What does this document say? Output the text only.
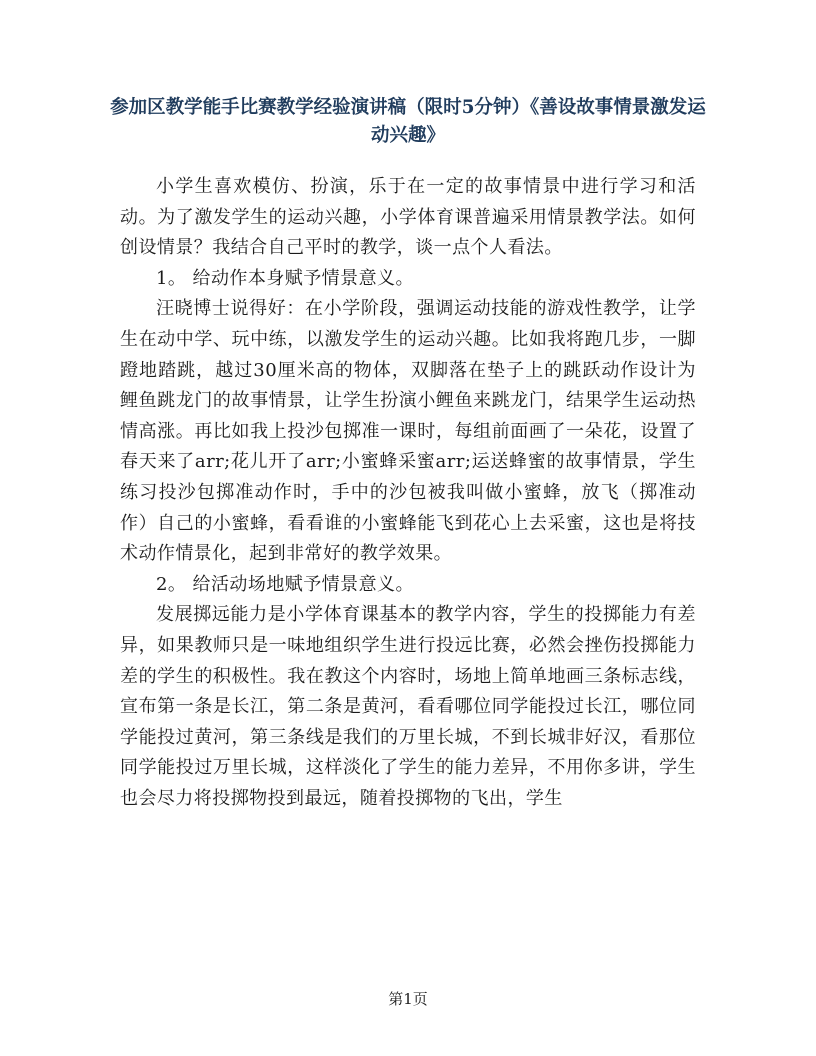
参加区教学能手比赛教学经验演讲稿（限时5分钟）《善设故事情景激发运动兴趣》

小学生喜欢模仿、扮演，乐于在一定的故事情景中进行学习和活动。为了激发学生的运动兴趣，小学体育课普遍采用情景教学法。如何创设情景？我结合自己平时的教学，谈一点个人看法。

1。 给动作本身赋予情景意义。

汪晓博士说得好：在小学阶段，强调运动技能的游戏性教学，让学生在动中学、玩中练，以激发学生的运动兴趣。比如我将跑几步，一脚蹬地踏跳，越过30厘米高的物体，双脚落在垫子上的跳跃动作设计为鲤鱼跳龙门的故事情景，让学生扮演小鲤鱼来跳龙门，结果学生运动热情高涨。再比如我上投沙包掷准一课时，每组前面画了一朵花，设置了春天来了arr;花儿开了arr;小蜜蜂采蜜arr;运送蜂蜜的故事情景，学生练习投沙包掷准动作时，手中的沙包被我叫做小蜜蜂，放飞（掷准动作）自己的小蜜蜂，看看谁的小蜜蜂能飞到花心上去采蜜，这也是将技术动作情景化，起到非常好的教学效果。

2。 给活动场地赋予情景意义。

发展掷远能力是小学体育课基本的教学内容，学生的投掷能力有差异，如果教师只是一味地组织学生进行投远比赛，必然会挫伤投掷能力差的学生的积极性。我在教这个内容时，场地上简单地画三条标志线，宣布第一条是长江，第二条是黄河，看看哪位同学能投过长江，哪位同学能投过黄河，第三条线是我们的万里长城，不到长城非好汉，看那位同学能投过万里长城，这样淡化了学生的能力差异，不用你多讲，学生也会尽力将投掷物投到最远，随着投掷物的飞出，学生

第1页
